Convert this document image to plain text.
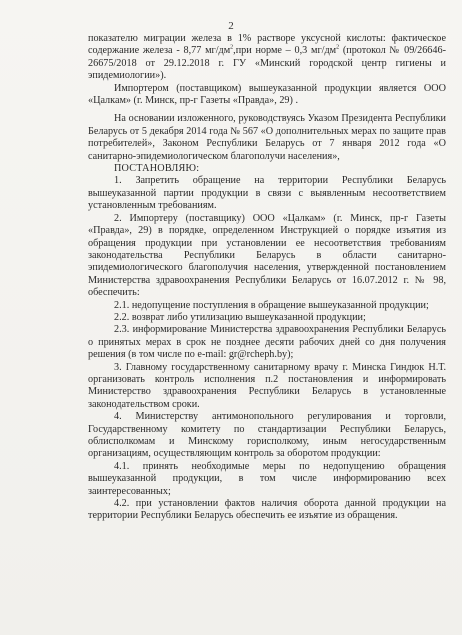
2

показателю миграции железа в 1% растворе уксусной кислоты: фактическое содержание железа - 8,77 $мг/дм^2,при$ норме – 0,3 $мг/дм^2$ (протокол № 09/26646-26675/2018 от 29.12.2018 г. ГУ «Минский городской центр гигиены и эпидемиологии»).

Импортером (поставщиком) вышеуказанной продукции является ООО «Цалкам» (г. Минск, пр-г Газеты «Правда», 29) .

На основании изложенного, руководствуясь Указом Президента Республики Беларусь от 5 декабря 2014 года № 567 «О дополнительных мерах по защите прав потребителей», Законом Республики Беларусь от 7 января 2012 года «О санитарно-эпидемиологическом благополучи населения»,

ПОСТАНОВЛЯЮ:

1. Запретить обращение на территории Республики Беларусь вышеуказанной партии продукции в связи с выявленным несоответствием установленным требованиям.

2. Импортеру (поставщику) ООО «Цалкам» (г. Минск, пр-г Газеты «Правда», 29) в порядке, определенном Инструкцией о порядке изъятия из обращения продукции при установлении ее несоответствия требованиям законодательства Республики Беларусь в области санитарно-эпидемиологического благополучия населения, утвержденной постановлением Министерства здравоохранения Республики Беларусь от 16.07.2012 г. № 98, обеспечить:

2.1. недопущение поступления в обращение вышеуказанной продукции;

2.2. возврат либо утилизацию вышеуказанной продукции;

2.3. информирование Министерства здравоохранения Республики Беларусь о принятых мерах в срок не позднее десяти рабочих дней со дня получения решения (в том числе по e-mail: gr@rcheph.by);

3. Главному государственному санитарному врачу г. Минска Гиндюк Н.Т. организовать контроль исполнения п.2 постановления и информировать Министерство здравоохранения Республики Беларусь в установленные законодательством сроки.

4. Министерству антимонопольного регулирования и торговли, Государственному комитету по стандартизации Республики Беларусь, облисполкомам и Минскому горисполкому, иным негосударственным организациям, осуществляющим контроль за оборотом продукции:

4.1. принять необходимые меры по недопущению обращения вышеуказанной продукции, в том числе информированию всех заинтересованных;

4.2. при установлении фактов наличия оборота данной продукции на территории Республики Беларусь обеспечить ее изъятие из обращения.
